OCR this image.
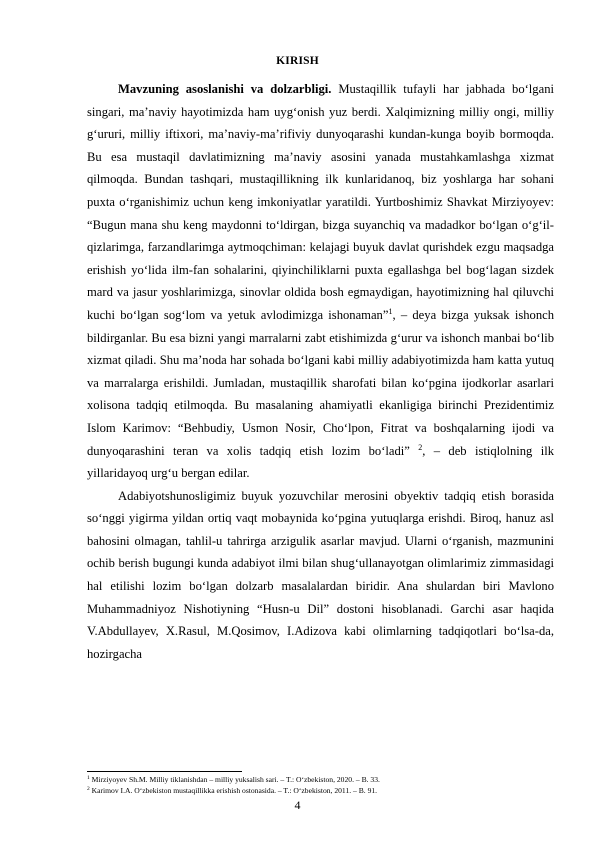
KIRISH

Mavzuning asoslanishi va dolzarbligi. Mustaqillik tufayli har jabhada bo‘lgani singari, ma’naviy hayotimizda ham uyg‘onish yuz berdi. Xalqimizning milliy ongi, milliy g‘ururi, milliy iftixori, ma’naviy-ma’rifiviy dunyoqarashi kundan-kunga boyib bormoqda. Bu esa mustaqil davlatimizning ma’naviy asosini yanada mustahkamlashga xizmat qilmoqda. Bundan tashqari, mustaqillikning ilk kunlaridanoq, biz yoshlarga har sohani puxta o‘rganishimiz uchun keng imkoniyatlar yaratildi. Yurtboshimiz Shavkat Mirziyoyev: “Bugun mana shu keng maydonni to‘ldirgan, bizga suyanchiq va madadkor bo‘lgan o‘g‘il-qizlarimga, farzandlarimga aytmoqchiman: kelajagi buyuk davlat qurishdek ezgu maqsadga erishish yo‘lida ilm-fan sohalarini, qiyinchiliklarni puxta egallashga bel bog‘lagan sizdek mard va jasur yoshlarimizga, sinovlar oldida bosh egmaydigan, hayotimizning hal qiluvchi kuchi bo‘lgan sog‘lom va yetuk avlodimizga ishonaman”$^1$, – deya bizga yuksak ishonch bildirganlar. Bu esa bizni yangi marralarni zabt etishimizda g‘urur va ishonch manbai bo‘lib xizmat qiladi. Shu ma’noda har sohada bo‘lgani kabi milliy adabiyotimizda ham katta yutuq va marralarga erishildi. Jumladan, mustaqillik sharofati bilan ko‘pgina ijodkorlar asarlari xolisona tadqiq etilmoqda. Bu masalaning ahamiyatli ekanligiga birinchi Prezidentimiz Islom Karimov: “Behbudiy, Usmon Nosir, Cho‘lpon, Fitrat va boshqalarning ijodi va dunyoqarashini teran va xolis tadqiq etish lozim bo‘ladi” $^2$, – deb istiqlolning ilk yillaridayoq urg‘u bergan edilar.

Adabiyotshunosligimiz buyuk yozuvchilar merosini obyektiv tadqiq etish borasida so‘nggi yigirma yildan ortiq vaqt mobaynida ko‘pgina yutuqlarga erishdi. Biroq, hanuz asl bahosini olmagan, tahlil-u tahrirga arzigulik asarlar mavjud. Ularni o‘rganish, mazmunini ochib berish bugungi kunda adabiyot ilmi bilan shug‘ullanayotgan olimlarimiz zimmasidagi hal etilishi lozim bo‘lgan dolzarb masalalardan biridir. Ana shulardan biri Mavlono Muhammadniyoz Nishotiyning “Husn-u Dil” dostoni hisoblanadi. Garchi asar haqida V.Abdullayev, X.Rasul, M.Qosimov, I.Adizova kabi olimlarning tadqiqotlari bo‘lsa-da, hozirgacha

$^1$ Mirziyoyev Sh.M. Milliy tiklanishdan – milliy yuksalish sari. – T.: O‘zbekiston, 2020. – B. 33.
$^2$ Karimov I.A. O‘zbekiston mustaqillikka erishish ostonasida. – T.: O‘zbekiston, 2011. – B. 91.
4
